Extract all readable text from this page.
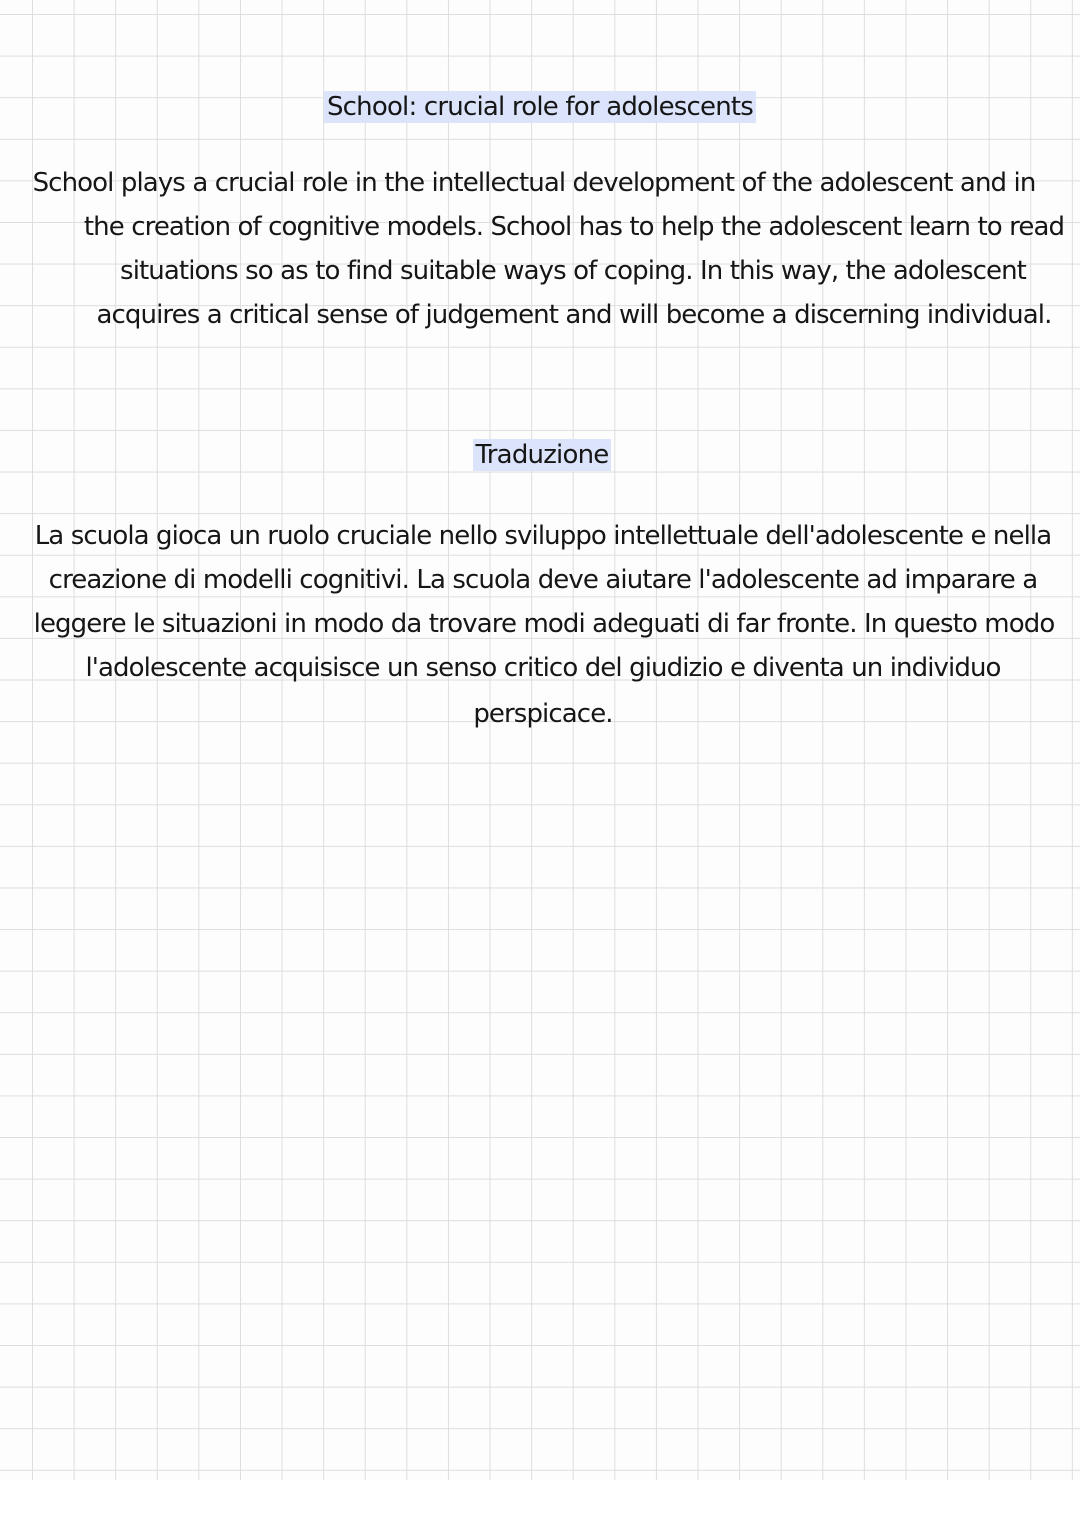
School: crucial role for adolescents
School plays a crucial role in the intellectual development of the adolescent and in
the creation of cognitive models. School has to help the adolescent learn to read
situations so as to find suitable ways of coping. In this way, the adolescent
acquires a critical sense of judgement and will become a discerning individual.
Traduzione
La scuola gioca un ruolo cruciale nello sviluppo intellettuale dell'adolescente e nella
creazione di modelli cognitivi. La scuola deve aiutare l'adolescente ad imparare a
leggere le situazioni in modo da trovare modi adeguati di far fronte. In questo modo
l'adolescente acquisisce un senso critico del giudizio e diventa un individuo
perspicace.
